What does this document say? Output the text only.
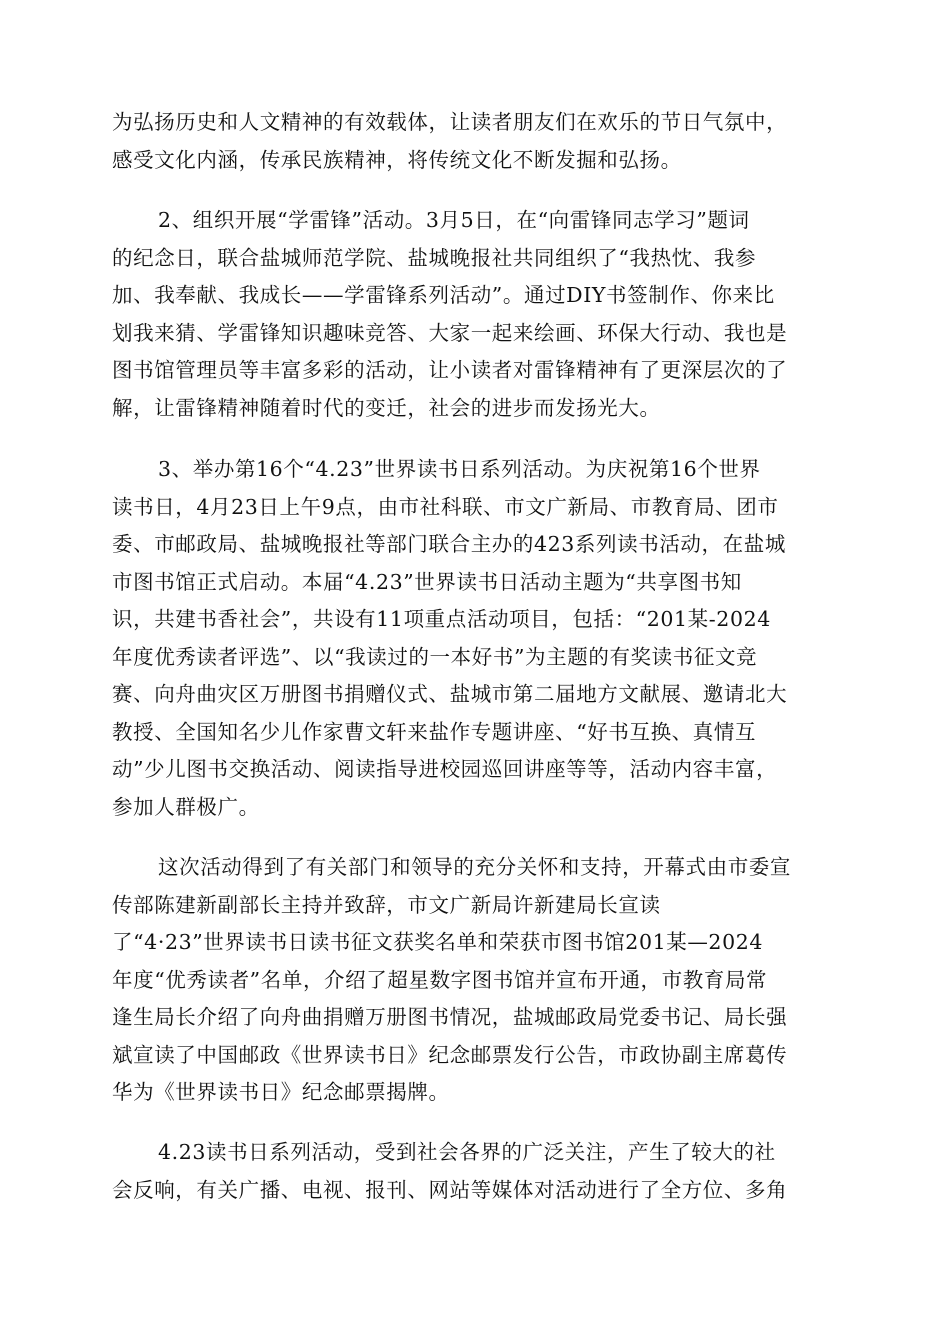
为弘扬历史和人文精神的有效载体，让读者朋友们在欢乐的节日气氛中，
感受文化内涵，传承民族精神，将传统文化不断发掘和弘扬。
2、组织开展“学雷锋”活动。3月5日，在“向雷锋同志学习”题词
的纪念日，联合盐城师范学院、盐城晚报社共同组织了“我热忱、我参
加、我奉献、我成长——学雷锋系列活动”。通过DIY书签制作、你来比
划我来猜、学雷锋知识趣味竞答、大家一起来绘画、环保大行动、我也是
图书馆管理员等丰富多彩的活动，让小读者对雷锋精神有了更深层次的了
解，让雷锋精神随着时代的变迁，社会的进步而发扬光大。
3、举办第16个“4.23”世界读书日系列活动。为庆祝第16个世界
读书日，4月23日上午9点，由市社科联、市文广新局、市教育局、团市
委、市邮政局、盐城晚报社等部门联合主办的423系列读书活动，在盐城
市图书馆正式启动。本届“4.23”世界读书日活动主题为“共享图书知
识，共建书香社会”，共设有11项重点活动项目，包括：“201某-2024
年度优秀读者评选”、以“我读过的一本好书”为主题的有奖读书征文竞
赛、向舟曲灾区万册图书捐赠仪式、盐城市第二届地方文献展、邀请北大
教授、全国知名少儿作家曹文轩来盐作专题讲座、“好书互换、真情互
动”少儿图书交换活动、阅读指导进校园巡回讲座等等，活动内容丰富，
参加人群极广。
这次活动得到了有关部门和领导的充分关怀和支持，开幕式由市委宣
传部陈建新副部长主持并致辞，市文广新局许新建局长宣读
了“4·23”世界读书日读书征文获奖名单和荣获市图书馆201某—2024
年度“优秀读者”名单，介绍了超星数字图书馆并宣布开通，市教育局常
逢生局长介绍了向舟曲捐赠万册图书情况，盐城邮政局党委书记、局长强
斌宣读了中国邮政《世界读书日》纪念邮票发行公告，市政协副主席葛传
华为《世界读书日》纪念邮票揭牌。
4.23读书日系列活动，受到社会各界的广泛关注，产生了较大的社
会反响，有关广播、电视、报刊、网站等媒体对活动进行了全方位、多角
